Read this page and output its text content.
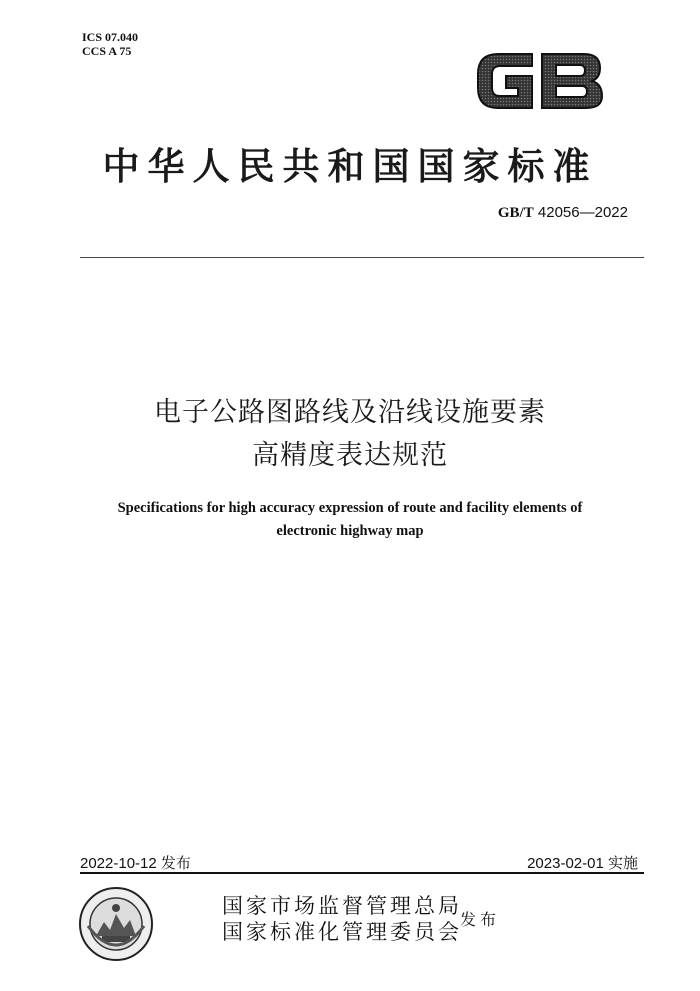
ICS 07.040
CCS A 75
中华人民共和国国家标准
GB/T 42056—2022
电子公路图路线及沿线设施要素
高精度表达规范
Specifications for high accuracy expression of route and facility elements of
electronic highway map
2022-10-12 发布	2023-02-01 实施
国家市场监督管理总局
国家标准化管理委员会
发布
